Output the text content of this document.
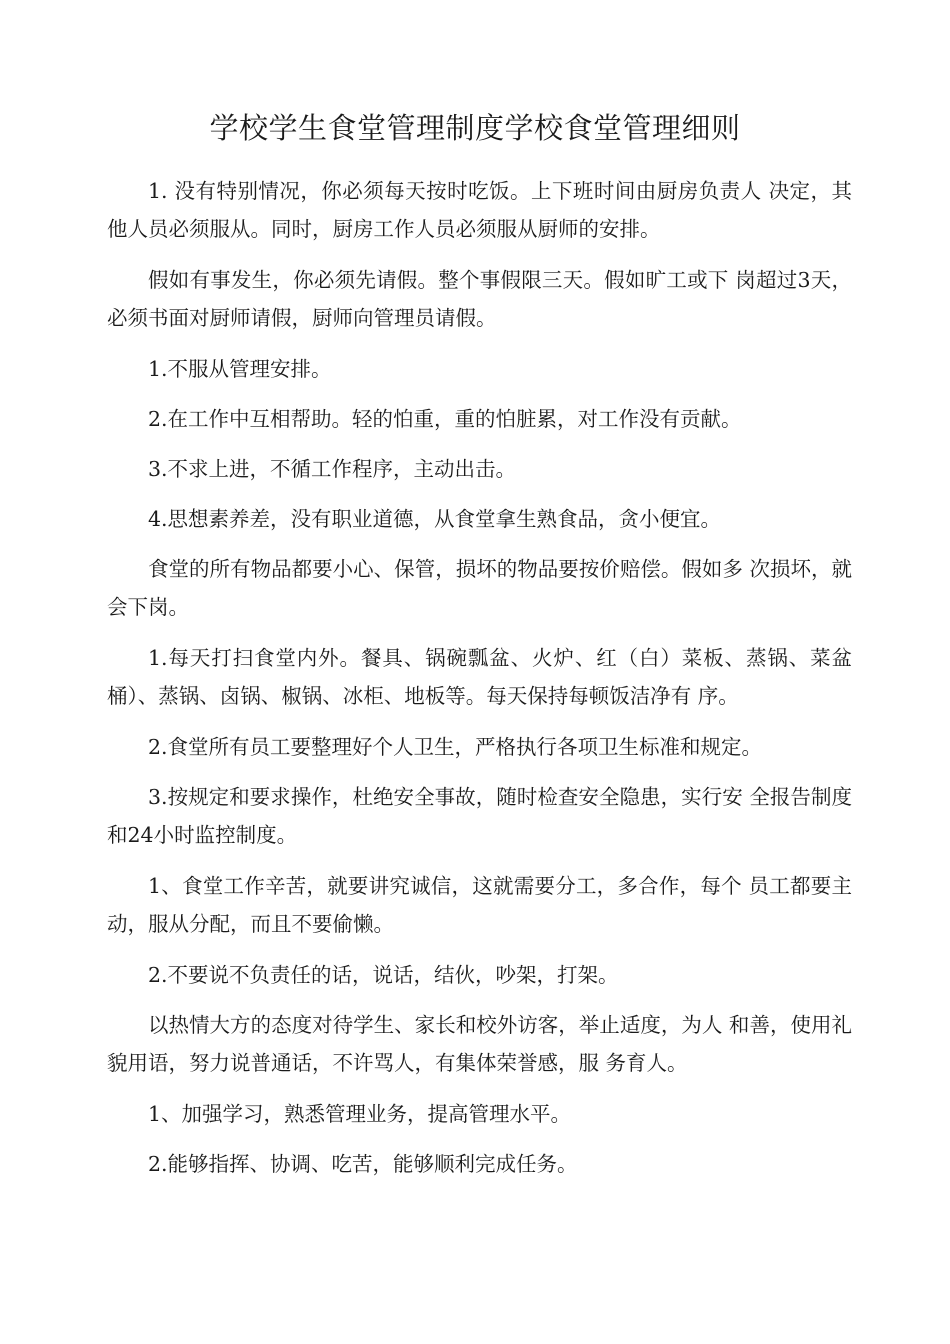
学校学生食堂管理制度学校食堂管理细则

1. 没有特别情况，你必须每天按时吃饭。上下班时间由厨房负责人 决定，其他人员必须服从。同时，厨房工作人员必须服从厨师的安排。

假如有事发生，你必须先请假。整个事假限三天。假如旷工或下 岗超过3天，必须书面对厨师请假，厨师向管理员请假。

1.不服从管理安排。

2.在工作中互相帮助。轻的怕重，重的怕脏累，对工作没有贡献。

3.不求上进，不循工作程序，主动出击。

4.思想素养差，没有职业道德，从食堂拿生熟食品，贪小便宜。

食堂的所有物品都要小心、保管，损坏的物品要按价赔偿。假如多 次损坏，就会下岗。

1.每天打扫食堂内外。餐具、锅碗瓢盆、火炉、红（白）菜板、蒸锅、菜盆桶）、蒸锅、卤锅、椒锅、冰柜、地板等。每天保持每顿饭洁净有 序。

2.食堂所有员工要整理好个人卫生，严格执行各项卫生标准和规定。

3.按规定和要求操作，杜绝安全事故，随时检查安全隐患，实行安 全报告制度和24小时监控制度。

1、食堂工作辛苦，就要讲究诚信，这就需要分工，多合作，每个 员工都要主动，服从分配，而且不要偷懒。

2.不要说不负责任的话，说话，结伙，吵架，打架。

以热情大方的态度对待学生、家长和校外访客，举止适度，为人 和善，使用礼貌用语，努力说普通话，不许骂人，有集体荣誉感，服 务育人。

1、加强学习，熟悉管理业务，提高管理水平。

2.能够指挥、协调、吃苦，能够顺利完成任务。
